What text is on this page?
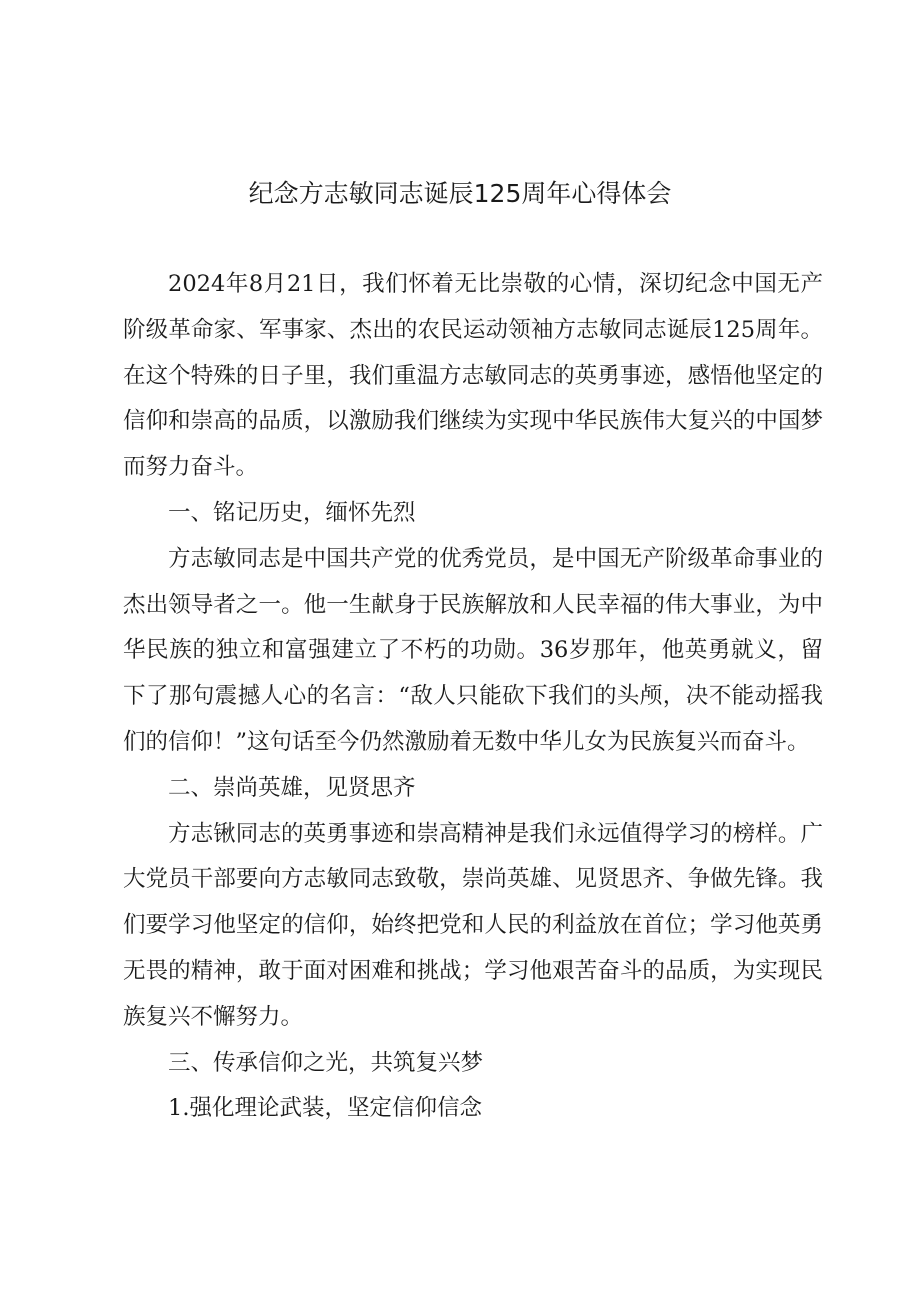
纪念方志敏同志诞辰125周年心得体会

2024年8月21日，我们怀着无比崇敬的心情，深切纪念中国无产阶级革命家、军事家、杰出的农民运动领袖方志敏同志诞辰125周年。在这个特殊的日子里，我们重温方志敏同志的英勇事迹，感悟他坚定的信仰和崇高的品质，以激励我们继续为实现中华民族伟大复兴的中国梦而努力奋斗。

一、铭记历史，缅怀先烈

方志敏同志是中国共产党的优秀党员，是中国无产阶级革命事业的杰出领导者之一。他一生献身于民族解放和人民幸福的伟大事业，为中华民族的独立和富强建立了不朽的功勋。36岁那年，他英勇就义，留下了那句震撼人心的名言：“敌人只能砍下我们的头颅，决不能动摇我们的信仰！”这句话至今仍然激励着无数中华儿女为民族复兴而奋斗。

二、崇尚英雄，见贤思齐

方志锹同志的英勇事迹和崇高精神是我们永远值得学习的榜样。广大党员干部要向方志敏同志致敬，崇尚英雄、见贤思齐、争做先锋。我们要学习他坚定的信仰，始终把党和人民的利益放在首位；学习他英勇无畏的精神，敢于面对困难和挑战；学习他艰苦奋斗的品质，为实现民族复兴不懈努力。

三、传承信仰之光，共筑复兴梦

1.强化理论武装，坚定信仰信念
